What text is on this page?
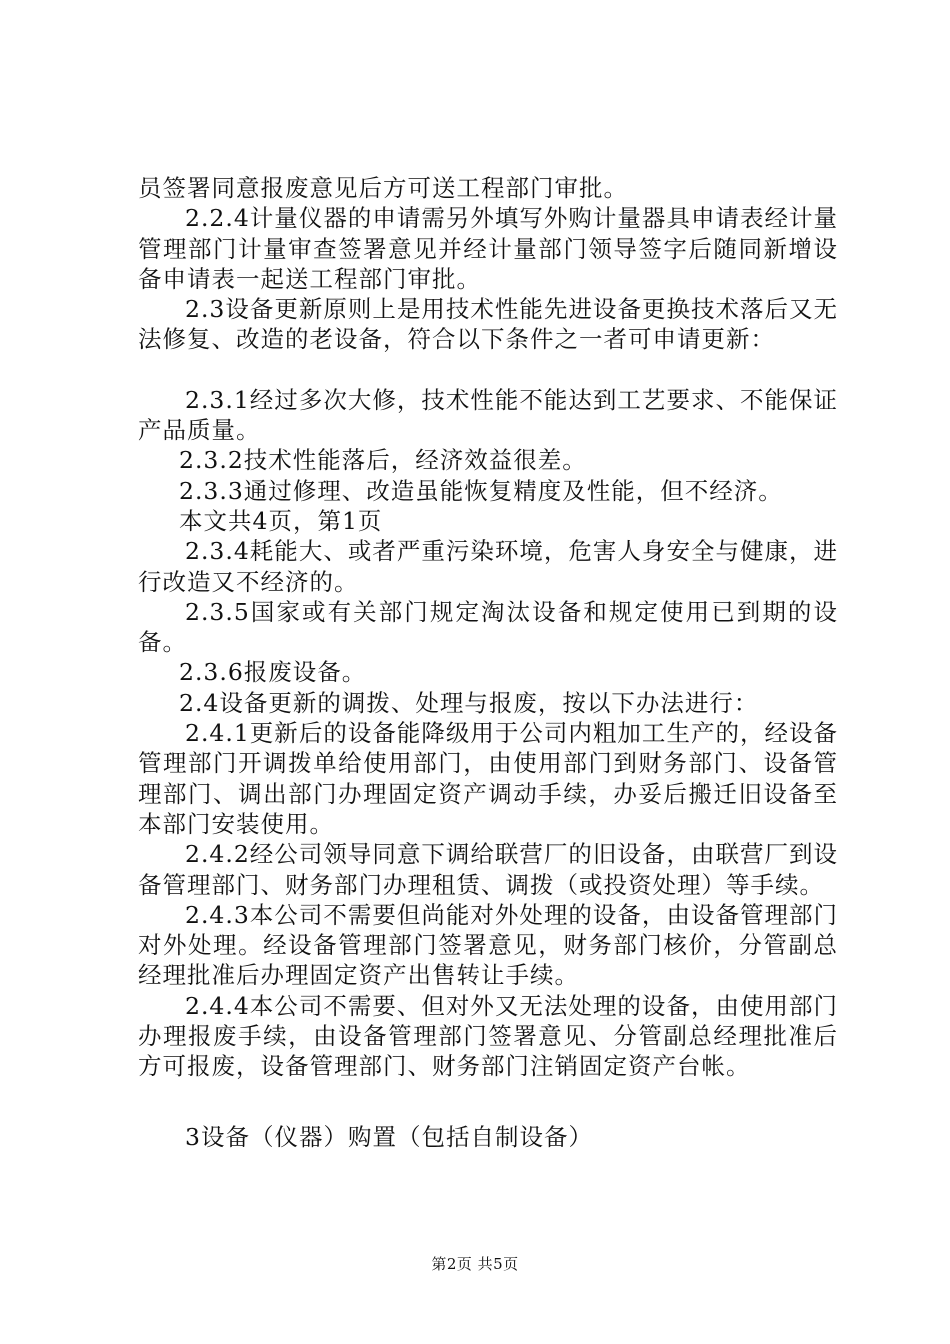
员签署同意报废意见后方可送工程部门审批。

2.2.4计量仪器的申请需另外填写外购计量器具申请表经计量管理部门计量审查签署意见并经计量部门领导签字后随同新增设备申请表一起送工程部门审批。

2.3设备更新原则上是用技术性能先进设备更换技术落后又无法修复、改造的老设备，符合以下条件之一者可申请更新：

2.3.1经过多次大修，技术性能不能达到工艺要求、不能保证产品质量。

2.3.2技术性能落后，经济效益很差。

2.3.3通过修理、改造虽能恢复精度及性能，但不经济。

本文共4页，第1页

2.3.4耗能大、或者严重污染环境，危害人身安全与健康，进行改造又不经济的。

2.3.5国家或有关部门规定淘汰设备和规定使用已到期的设备。

2.3.6报废设备。

2.4设备更新的调拨、处理与报废，按以下办法进行：

2.4.1更新后的设备能降级用于公司内粗加工生产的，经设备管理部门开调拨单给使用部门，由使用部门到财务部门、设备管理部门、调出部门办理固定资产调动手续，办妥后搬迁旧设备至本部门安装使用。

2.4.2经公司领导同意下调给联营厂的旧设备，由联营厂到设备管理部门、财务部门办理租赁、调拨（或投资处理）等手续。

2.4.3本公司不需要但尚能对外处理的设备，由设备管理部门对外处理。经设备管理部门签署意见，财务部门核价，分管副总经理批准后办理固定资产出售转让手续。

2.4.4本公司不需要、但对外又无法处理的设备，由使用部门办理报废手续，由设备管理部门签署意见、分管副总经理批准后方可报废，设备管理部门、财务部门注销固定资产台帐。

3设备（仪器）购置（包括自制设备）

第2页 共5页
